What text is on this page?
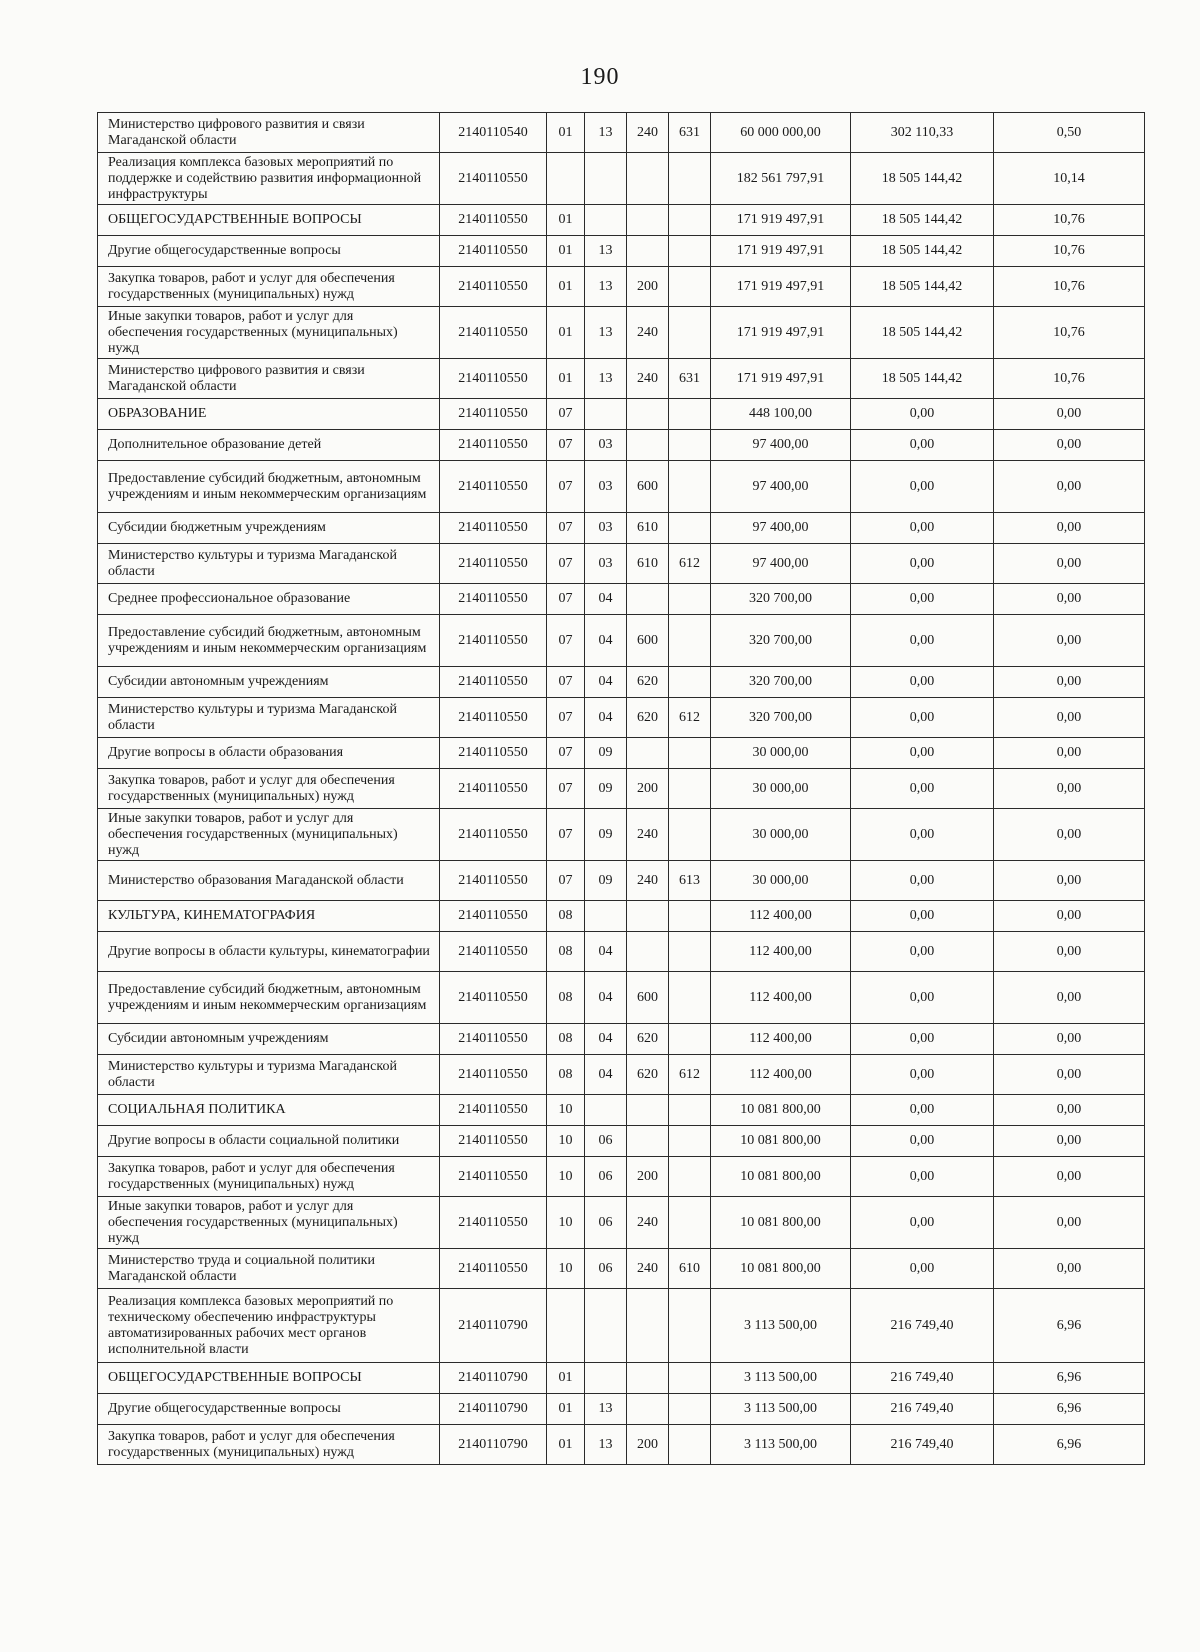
190
Министерство цифрового развития и связи Магаданской области	2140110540	01	13	240	631	60 000 000,00	302 110,33	0,50
Реализация комплекса базовых мероприятий по поддержке и содействию развития информационной инфраструктуры	2140110550					182 561 797,91	18 505 144,42	10,14
ОБЩЕГОСУДАРСТВЕННЫЕ ВОПРОСЫ	2140110550	01				171 919 497,91	18 505 144,42	10,76
Другие общегосударственные вопросы	2140110550	01	13			171 919 497,91	18 505 144,42	10,76
Закупка товаров, работ и услуг для обеспечения государственных (муниципальных) нужд	2140110550	01	13	200		171 919 497,91	18 505 144,42	10,76
Иные закупки товаров, работ и услуг для обеспечения государственных (муниципальных) нужд	2140110550	01	13	240		171 919 497,91	18 505 144,42	10,76
Министерство цифрового развития и связи Магаданской области	2140110550	01	13	240	631	171 919 497,91	18 505 144,42	10,76
ОБРАЗОВАНИЕ	2140110550	07				448 100,00	0,00	0,00
Дополнительное образование детей	2140110550	07	03			97 400,00	0,00	0,00
Предоставление субсидий бюджетным, автономным учреждениям и иным некоммерческим организациям	2140110550	07	03	600		97 400,00	0,00	0,00
Субсидии бюджетным учреждениям	2140110550	07	03	610		97 400,00	0,00	0,00
Министерство культуры и туризма Магаданской области	2140110550	07	03	610	612	97 400,00	0,00	0,00
Среднее профессиональное образование	2140110550	07	04			320 700,00	0,00	0,00
Предоставление субсидий бюджетным, автономным учреждениям и иным некоммерческим организациям	2140110550	07	04	600		320 700,00	0,00	0,00
Субсидии автономным учреждениям	2140110550	07	04	620		320 700,00	0,00	0,00
Министерство культуры и туризма Магаданской области	2140110550	07	04	620	612	320 700,00	0,00	0,00
Другие вопросы в области образования	2140110550	07	09			30 000,00	0,00	0,00
Закупка товаров, работ и услуг для обеспечения государственных (муниципальных) нужд	2140110550	07	09	200		30 000,00	0,00	0,00
Иные закупки товаров, работ и услуг для обеспечения государственных (муниципальных) нужд	2140110550	07	09	240		30 000,00	0,00	0,00
Министерство образования Магаданской области	2140110550	07	09	240	613	30 000,00	0,00	0,00
КУЛЬТУРА, КИНЕМАТОГРАФИЯ	2140110550	08				112 400,00	0,00	0,00
Другие вопросы в области культуры, кинематографии	2140110550	08	04			112 400,00	0,00	0,00
Предоставление субсидий бюджетным, автономным учреждениям и иным некоммерческим организациям	2140110550	08	04	600		112 400,00	0,00	0,00
Субсидии автономным учреждениям	2140110550	08	04	620		112 400,00	0,00	0,00
Министерство культуры и туризма Магаданской области	2140110550	08	04	620	612	112 400,00	0,00	0,00
СОЦИАЛЬНАЯ ПОЛИТИКА	2140110550	10				10 081 800,00	0,00	0,00
Другие вопросы в области социальной политики	2140110550	10	06			10 081 800,00	0,00	0,00
Закупка товаров, работ и услуг для обеспечения государственных (муниципальных) нужд	2140110550	10	06	200		10 081 800,00	0,00	0,00
Иные закупки товаров, работ и услуг для обеспечения государственных (муниципальных) нужд	2140110550	10	06	240		10 081 800,00	0,00	0,00
Министерство труда и социальной политики Магаданской области	2140110550	10	06	240	610	10 081 800,00	0,00	0,00
Реализация комплекса базовых мероприятий по техническому обеспечению инфраструктуры автоматизированных рабочих мест органов исполнительной власти	2140110790					3 113 500,00	216 749,40	6,96
ОБЩЕГОСУДАРСТВЕННЫЕ ВОПРОСЫ	2140110790	01				3 113 500,00	216 749,40	6,96
Другие общегосударственные вопросы	2140110790	01	13			3 113 500,00	216 749,40	6,96
Закупка товаров, работ и услуг для обеспечения государственных (муниципальных) нужд	2140110790	01	13	200		3 113 500,00	216 749,40	6,96
